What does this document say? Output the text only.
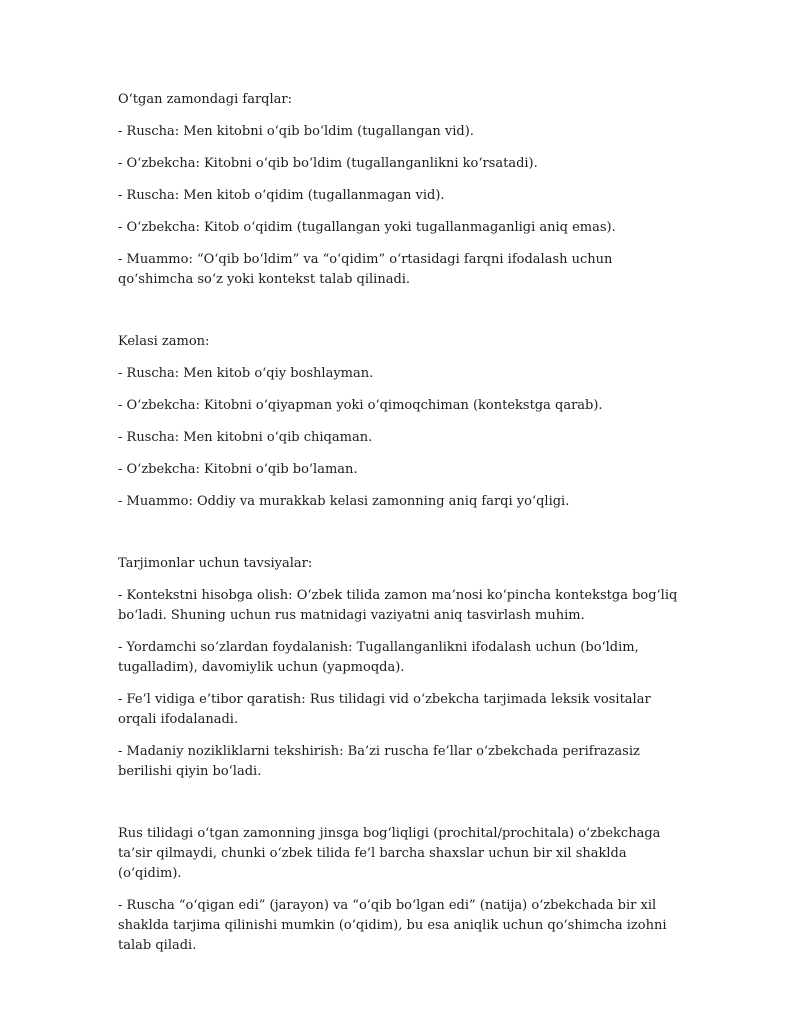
O‘tgan zamondagi farqlar:

- Ruscha: Men kitobni o‘qib bo‘ldim (tugallangan vid).

- O‘zbekcha: Kitobni o‘qib bo‘ldim (tugallanganlikni ko‘rsatadi).

- Ruscha: Men kitob o‘qidim (tugallanmagan vid).

- O‘zbekcha: Kitob o‘qidim (tugallangan yoki tugallanmaganligi aniq emas).

- Muammo: “O‘qib bo‘ldim” va “o‘qidim” o‘rtasidagi farqni ifodalash uchun qo‘shimcha so‘z yoki kontekst talab qilinadi.

Kelasi zamon:

- Ruscha: Men kitob o‘qiy boshlayman.

- O‘zbekcha: Kitobni o‘qiyapman yoki o‘qimoqchiman (kontekstga qarab).

- Ruscha: Men kitobni o‘qib chiqaman.

- O‘zbekcha: Kitobni o‘qib bo‘laman.

- Muammo: Oddiy va murakkab kelasi zamonning aniq farqi yo‘qligi.

Tarjimonlar uchun tavsiyalar:

- Kontekstni hisobga olish: O‘zbek tilida zamon ma’nosi ko‘pincha kontekstga bog‘liq bo‘ladi. Shuning uchun rus matnidagi vaziyatni aniq tasvirlash muhim.

- Yordamchi so‘zlardan foydalanish: Tugallanganlikni ifodalash uchun (bo‘ldim, tugalladim), davomiylik uchun (yapmoqda).

- Fe’l vidiga e’tibor qaratish: Rus tilidagi vid o‘zbekcha tarjimada leksik vositalar orqali ifodalanadi.

- Madaniy nozikliklarni tekshirish: Ba’zi ruscha fe’llar o‘zbekchada perifrazasiz berilishi qiyin bo‘ladi.

Rus tilidagi o‘tgan zamonning jinsga bog‘liqligi (prochital/prochitala) o‘zbekchaga ta’sir qilmaydi, chunki o‘zbek tilida fe’l barcha shaxslar uchun bir xil shaklda (o‘qidim).

- Ruscha “o‘qigan edi” (jarayon) va “o‘qib bo‘lgan edi” (natija) o‘zbekchada bir xil shaklda tarjima qilinishi mumkin (o‘qidim), bu esa aniqlik uchun qo‘shimcha izohni talab qiladi.
